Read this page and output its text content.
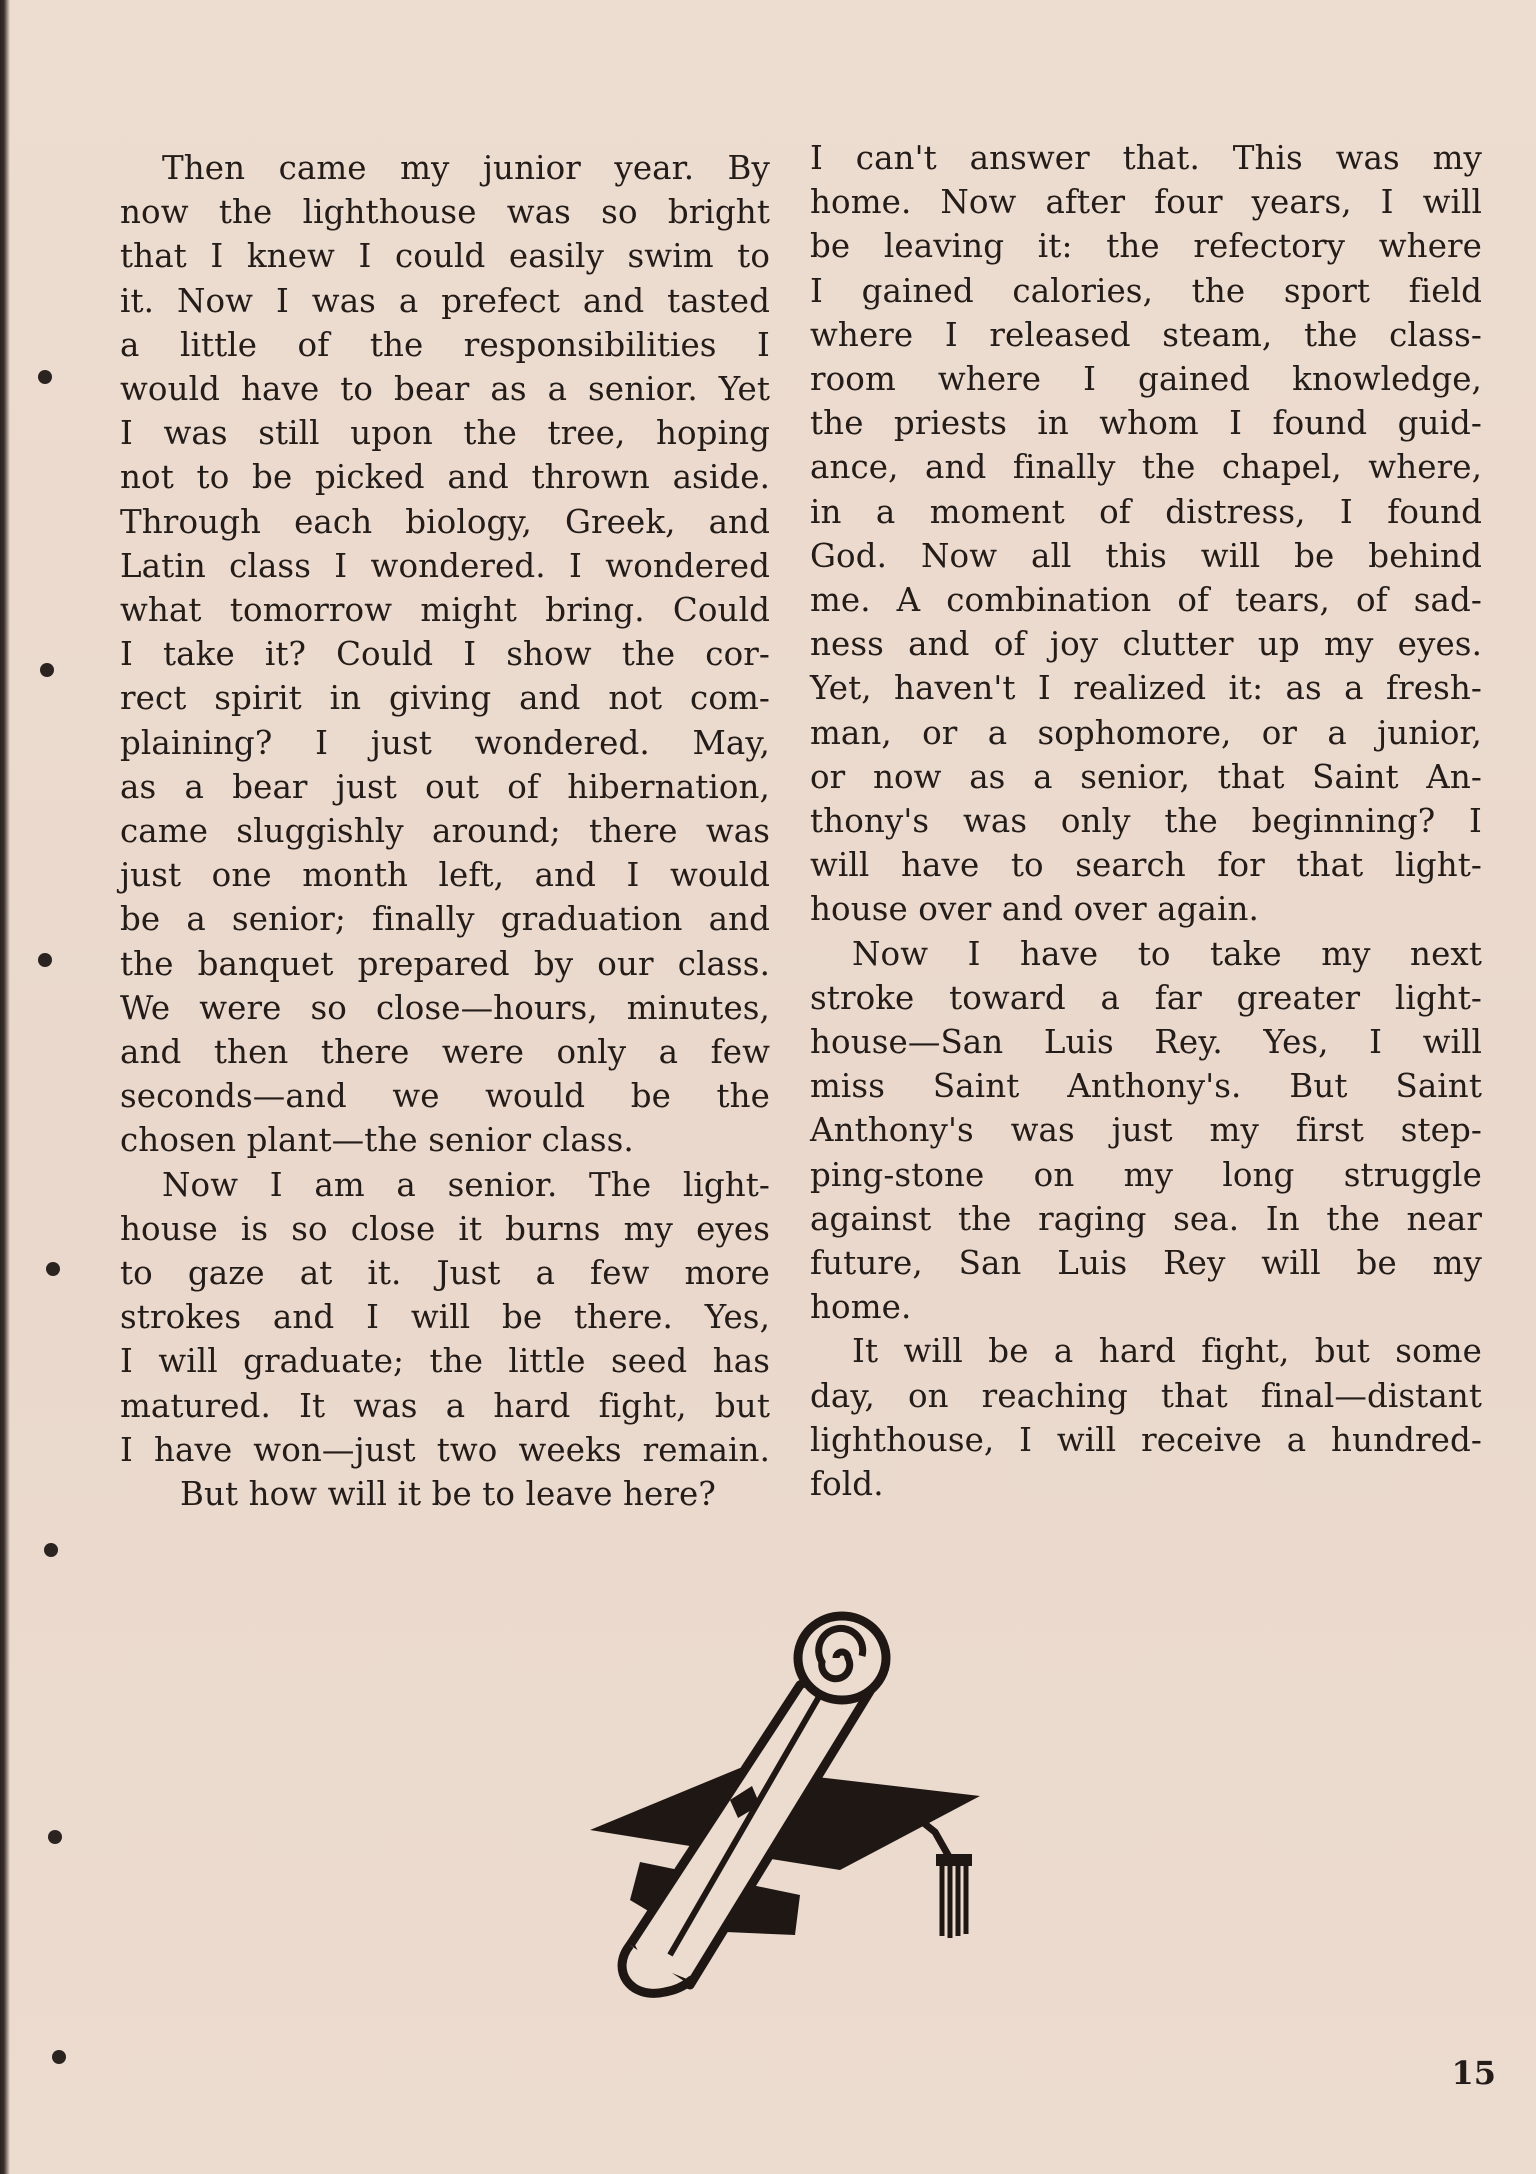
Then came my junior year. By
now the lighthouse was so bright
that I knew I could easily swim to
it. Now I was a prefect and tasted
a little of the responsibilities I
would have to bear as a senior. Yet
I was still upon the tree, hoping
not to be picked and thrown aside.
Through each biology, Greek, and
Latin class I wondered. I wondered
what tomorrow might bring. Could
I take it? Could I show the cor-
rect spirit in giving and not com-
plaining? I just wondered. May,
as a bear just out of hibernation,
came sluggishly around; there was
just one month left, and I would
be a senior; finally graduation and
the banquet prepared by our class.
We were so close—hours, minutes,
and then there were only a few
seconds—and we would be the
chosen plant—the senior class.
Now I am a senior. The light-
house is so close it burns my eyes
to gaze at it. Just a few more
strokes and I will be there. Yes,
I will graduate; the little seed has
matured. It was a hard fight, but
I have won—just two weeks remain.
But how will it be to leave here?
I can't answer that. This was my
home. Now after four years, I will
be leaving it: the refectory where
I gained calories, the sport field
where I released steam, the class-
room where I gained knowledge,
the priests in whom I found guid-
ance, and finally the chapel, where,
in a moment of distress, I found
God. Now all this will be behind
me. A combination of tears, of sad-
ness and of joy clutter up my eyes.
Yet, haven't I realized it: as a fresh-
man, or a sophomore, or a junior,
or now as a senior, that Saint An-
thony's was only the beginning? I
will have to search for that light-
house over and over again.
Now I have to take my next
stroke toward a far greater light-
house—San Luis Rey. Yes, I will
miss Saint Anthony's. But Saint
Anthony's was just my first step-
ping-stone on my long struggle
against the raging sea. In the near
future, San Luis Rey will be my
home.
It will be a hard fight, but some
day, on reaching that final—distant
lighthouse, I will receive a hundred-
fold.
15
